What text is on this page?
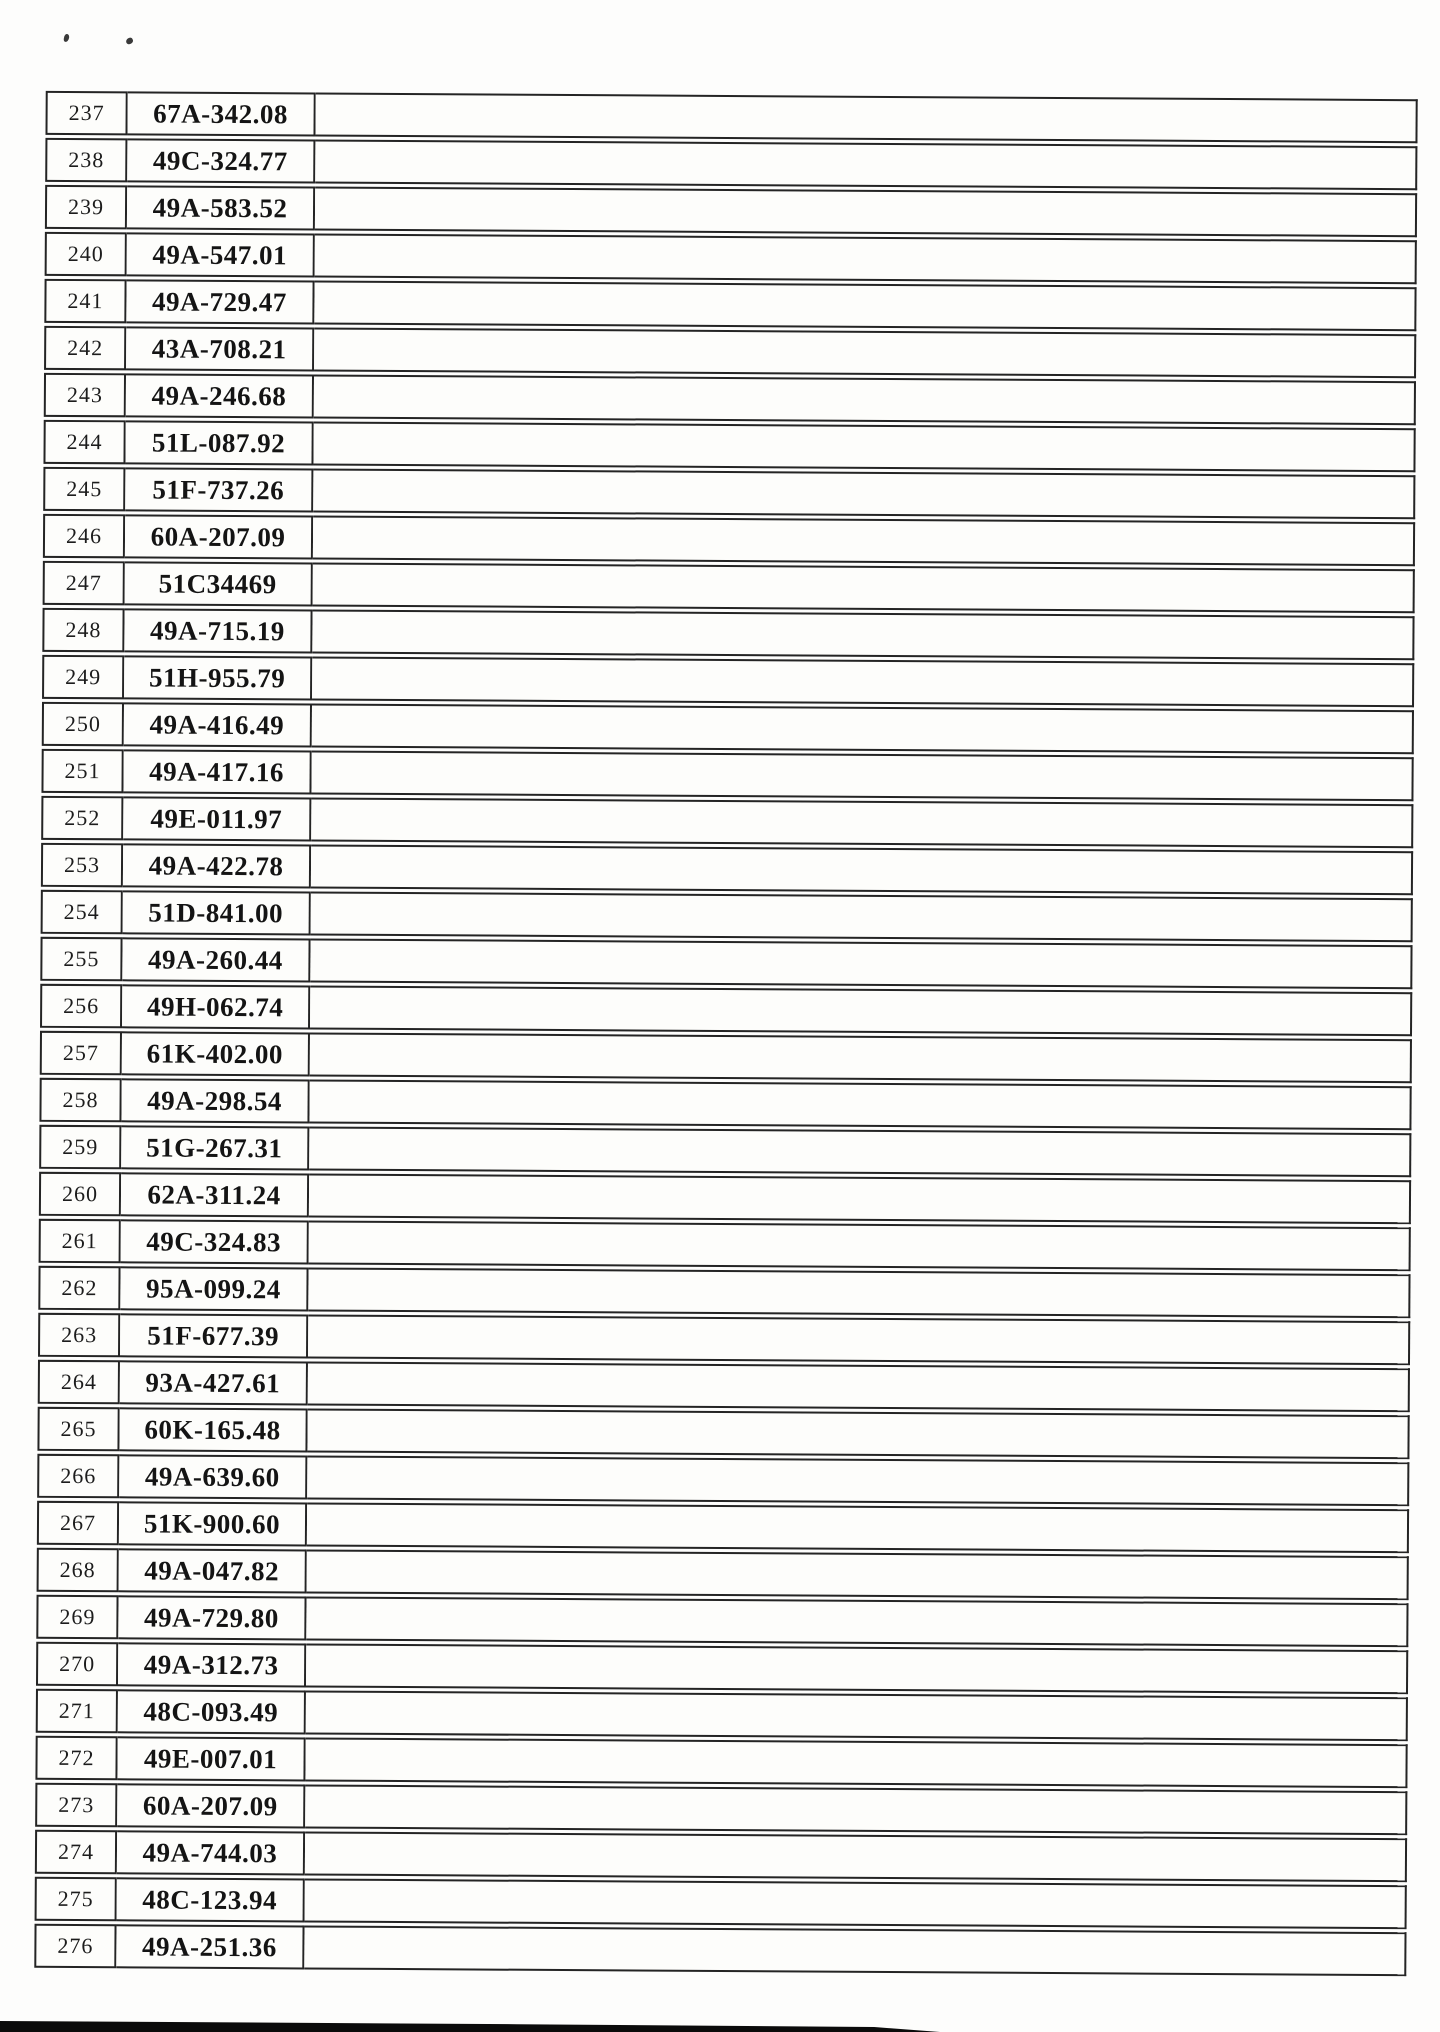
237	67A-342.08	
238	49C-324.77	
239	49A-583.52	
240	49A-547.01	
241	49A-729.47	
242	43A-708.21	
243	49A-246.68	
244	51L-087.92	
245	51F-737.26	
246	60A-207.09	
247	51C34469	
248	49A-715.19	
249	51H-955.79	
250	49A-416.49	
251	49A-417.16	
252	49E-011.97	
253	49A-422.78	
254	51D-841.00	
255	49A-260.44	
256	49H-062.74	
257	61K-402.00	
258	49A-298.54	
259	51G-267.31	
260	62A-311.24	
261	49C-324.83	
262	95A-099.24	
263	51F-677.39	
264	93A-427.61	
265	60K-165.48	
266	49A-639.60	
267	51K-900.60	
268	49A-047.82	
269	49A-729.80	
270	49A-312.73	
271	48C-093.49	
272	49E-007.01	
273	60A-207.09	
274	49A-744.03	
275	48C-123.94	
276	49A-251.36	
